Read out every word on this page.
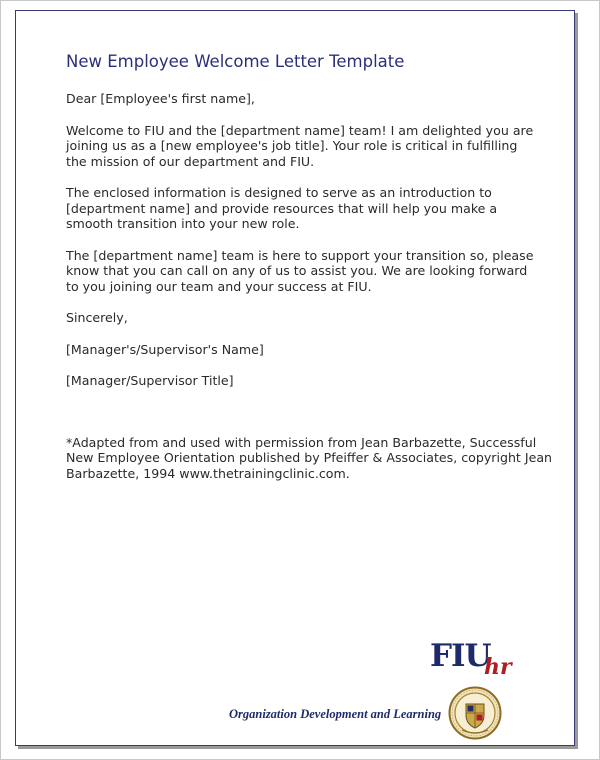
New Employee Welcome Letter Template

Dear [Employee's first name],

Welcome to FIU and the [department name] team! I am delighted you are
joining us as a [new employee's job title]. Your role is critical in fulfilling
the mission of our department and FIU.

The enclosed information is designed to serve as an introduction to
[department name] and provide resources that will help you make a
smooth transition into your new role.

The [department name] team is here to support your transition so, please
know that you can call on any of us to assist you. We are looking forward
to you joining our team and your success at FIU.

Sincerely,

[Manager's/Supervisor's Name]

[Manager/Supervisor Title]

*Adapted from and used with permission from Jean Barbazette, Successful
New Employee Orientation published by Pfeiffer & Associates, copyright Jean
Barbazette, 1994 www.thetrainingclinic.com.

FIU
hr
Organization Development and Learning
